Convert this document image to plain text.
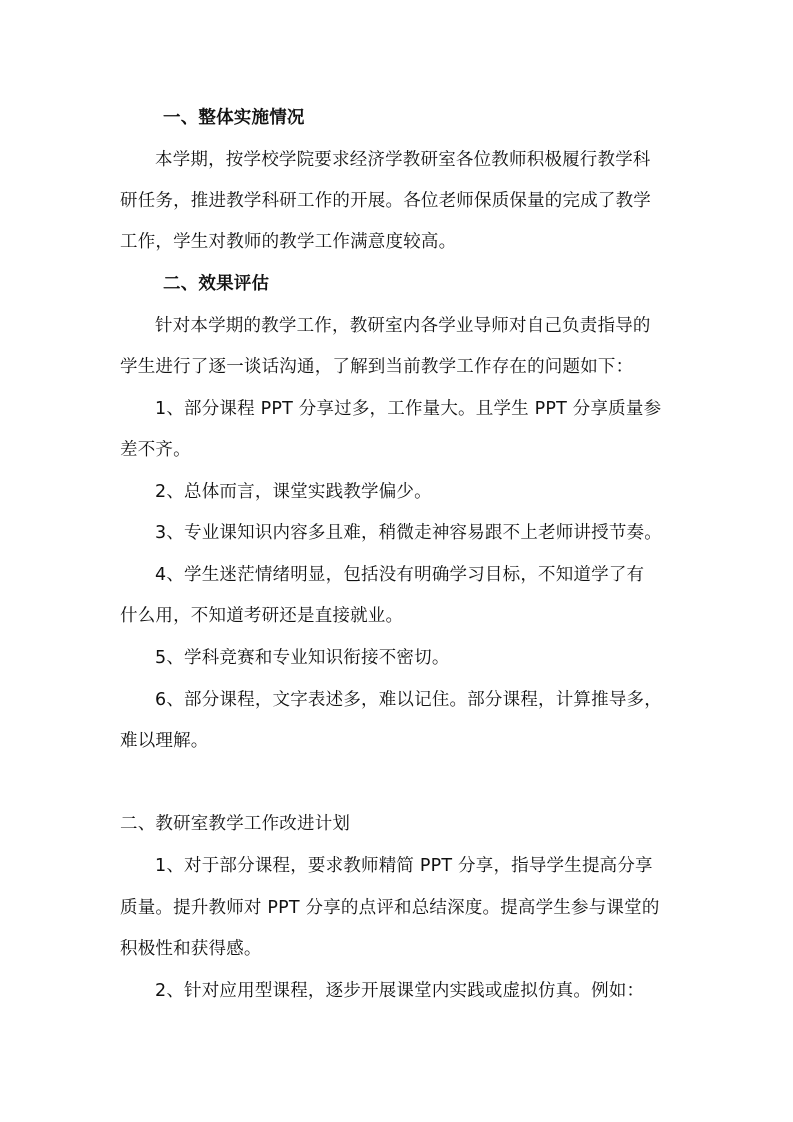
一、整体实施情况
本学期，按学校学院要求经济学教研室各位教师积极履行教学科
研任务，推进教学科研工作的开展。各位老师保质保量的完成了教学
工作，学生对教师的教学工作满意度较高。
二、效果评估
针对本学期的教学工作，教研室内各学业导师对自己负责指导的
学生进行了逐一谈话沟通，了解到当前教学工作存在的问题如下：
1、部分课程 PPT 分享过多，工作量大。且学生 PPT 分享质量参
差不齐。
2、总体而言，课堂实践教学偏少。
3、专业课知识内容多且难，稍微走神容易跟不上老师讲授节奏。
4、学生迷茫情绪明显，包括没有明确学习目标，不知道学了有
什么用，不知道考研还是直接就业。
5、学科竞赛和专业知识衔接不密切。
6、部分课程，文字表述多，难以记住。部分课程，计算推导多，
难以理解。
二、教研室教学工作改进计划
1、对于部分课程，要求教师精简 PPT 分享，指导学生提高分享
质量。提升教师对 PPT 分享的点评和总结深度。提高学生参与课堂的
积极性和获得感。
2、针对应用型课程，逐步开展课堂内实践或虚拟仿真。例如：
